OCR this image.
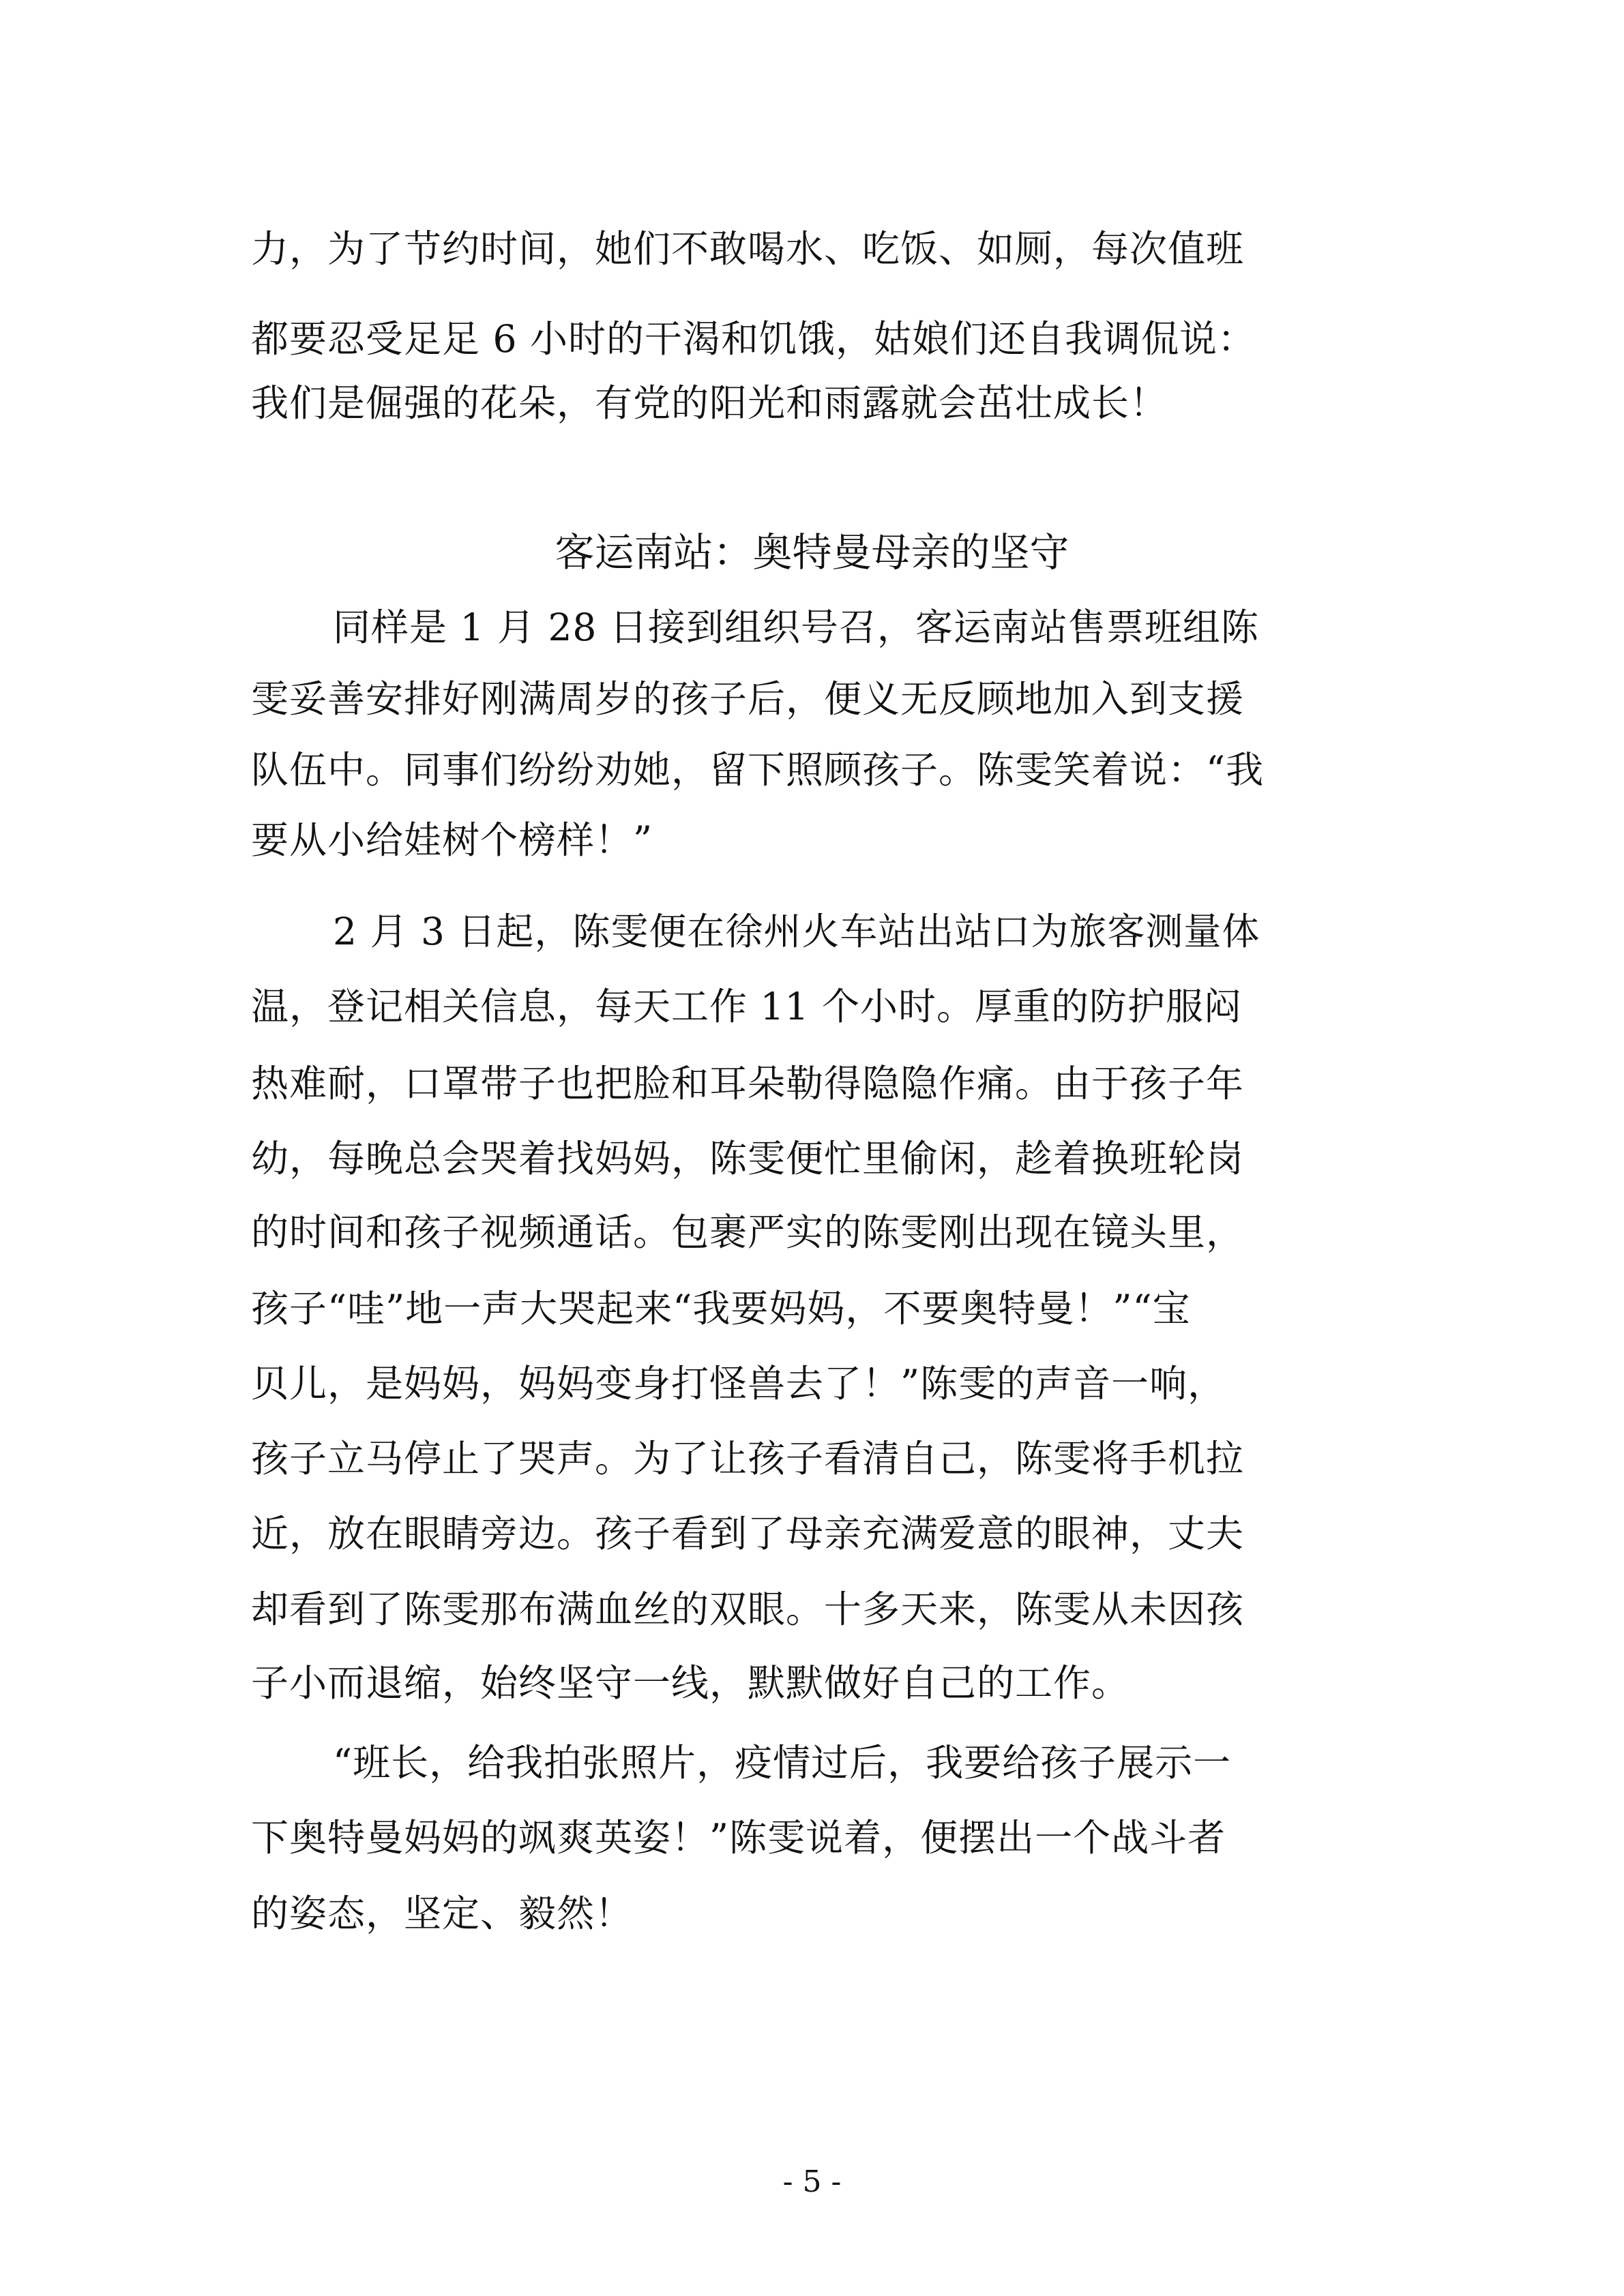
力，为了节约时间，她们不敢喝水、吃饭、如厕，每次值班
都要忍受足足 6 小时的干渴和饥饿，姑娘们还自我调侃说：
我们是倔强的花朵，有党的阳光和雨露就会茁壮成长！
客运南站：奥特曼母亲的坚守
同样是 1 月 28 日接到组织号召，客运南站售票班组陈
雯妥善安排好刚满周岁的孩子后，便义无反顾地加入到支援
队伍中。同事们纷纷劝她，留下照顾孩子。陈雯笑着说：“我
要从小给娃树个榜样！”
2 月 3 日起，陈雯便在徐州火车站出站口为旅客测量体
温，登记相关信息，每天工作 11 个小时。厚重的防护服闷
热难耐，口罩带子也把脸和耳朵勒得隐隐作痛。由于孩子年
幼，每晚总会哭着找妈妈，陈雯便忙里偷闲，趁着换班轮岗
的时间和孩子视频通话。包裹严实的陈雯刚出现在镜头里，
孩子“哇”地一声大哭起来“我要妈妈，不要奥特曼！”“宝
贝儿，是妈妈，妈妈变身打怪兽去了！”陈雯的声音一响，
孩子立马停止了哭声。为了让孩子看清自己，陈雯将手机拉
近，放在眼睛旁边。孩子看到了母亲充满爱意的眼神，丈夫
却看到了陈雯那布满血丝的双眼。十多天来，陈雯从未因孩
子小而退缩，始终坚守一线，默默做好自己的工作。
“班长，给我拍张照片，疫情过后，我要给孩子展示一
下奥特曼妈妈的飒爽英姿！”陈雯说着，便摆出一个战斗者
的姿态，坚定、毅然！
- 5 -
